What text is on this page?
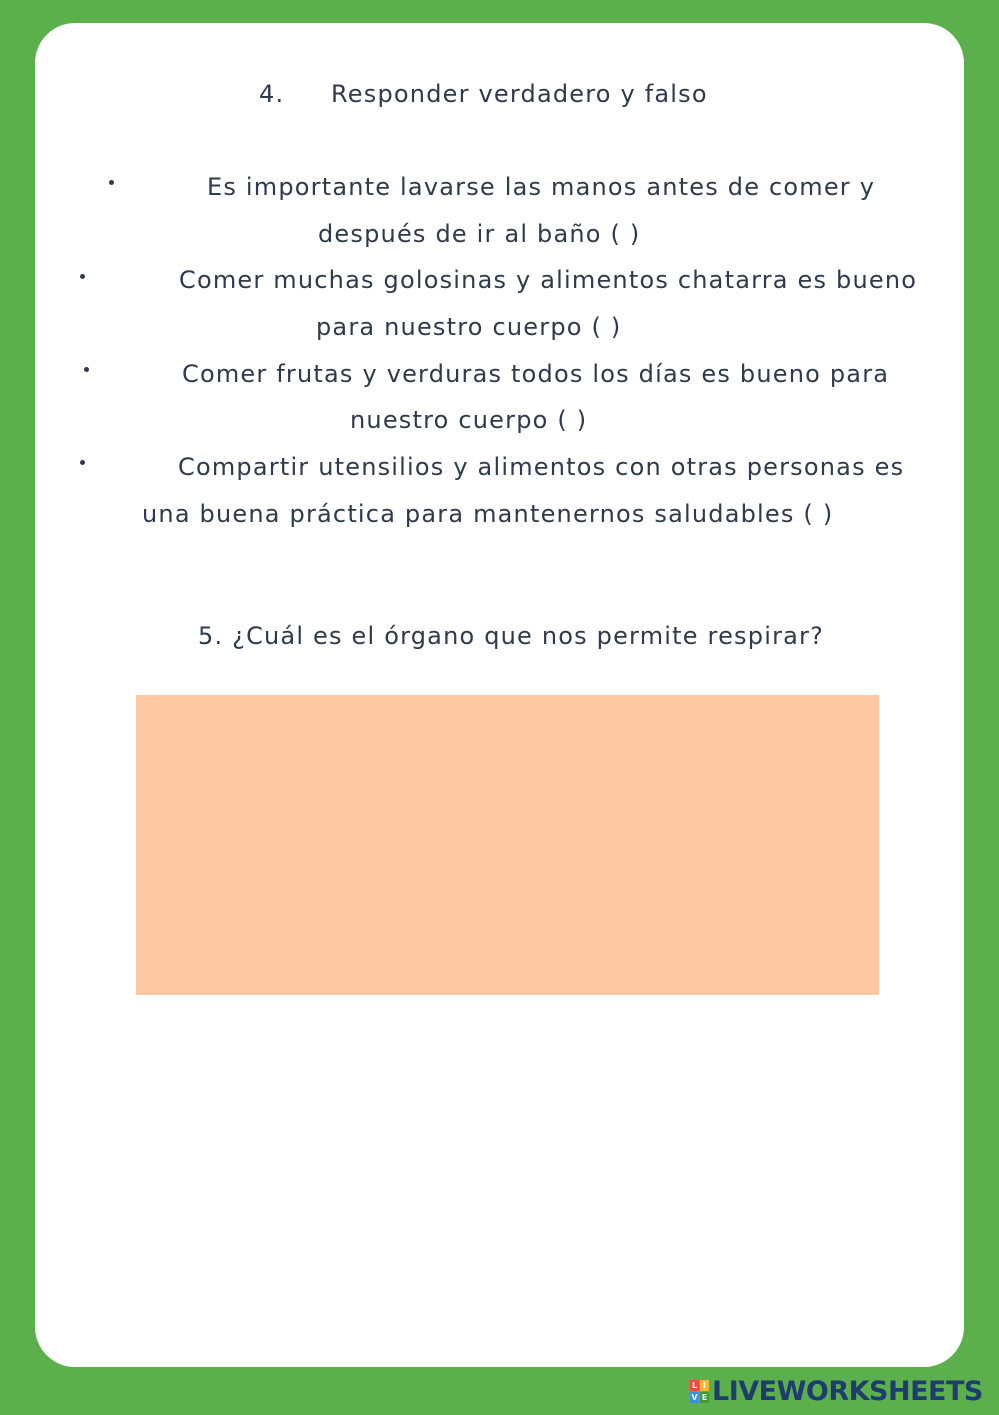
4. Responder verdadero y falso
Es importante lavarse las manos antes de comer y
después de ir al baño ( )
Comer muchas golosinas y alimentos chatarra es bueno
para nuestro cuerpo ( )
Comer frutas y verduras todos los días es bueno para
nuestro cuerpo ( )
Compartir utensilios y alimentos con otras personas es
una buena práctica para mantenernos saludables ( )
5. ¿Cuál es el órgano que nos permite respirar?
L I
V E LIVEWORKSHEETS
